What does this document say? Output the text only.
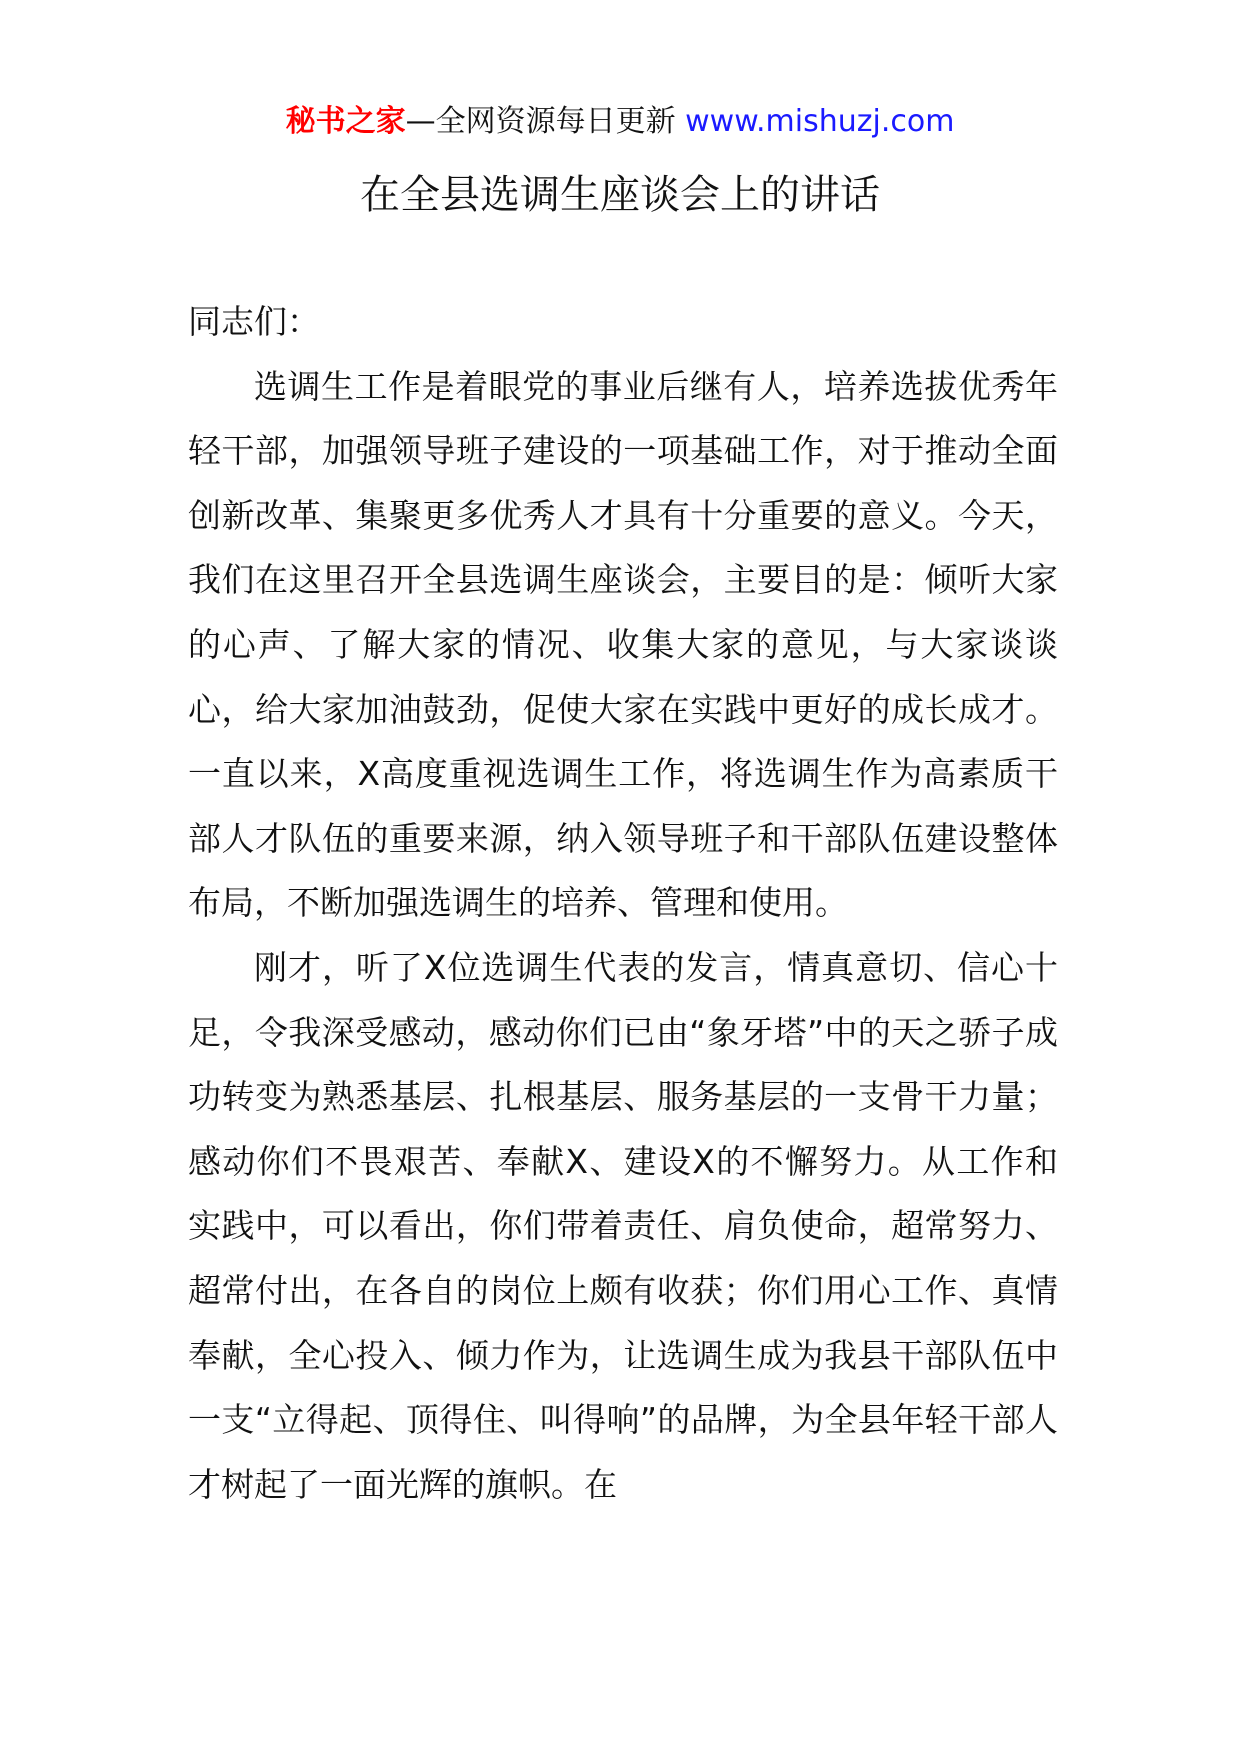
秘书之家—全网资源每日更新 www.mishuzj.com
在全县选调生座谈会上的讲话

同志们：

选调生工作是着眼党的事业后继有人，培养选拔优秀年轻干部，加强领导班子建设的一项基础工作，对于推动全面创新改革、集聚更多优秀人才具有十分重要的意义。今天，我们在这里召开全县选调生座谈会，主要目的是：倾听大家的心声、了解大家的情况、收集大家的意见，与大家谈谈心，给大家加油鼓劲，促使大家在实践中更好的成长成才。一直以来，X高度重视选调生工作，将选调生作为高素质干部人才队伍的重要来源，纳入领导班子和干部队伍建设整体布局，不断加强选调生的培养、管理和使用。

刚才，听了X位选调生代表的发言，情真意切、信心十足，令我深受感动，感动你们已由“象牙塔”中的天之骄子成功转变为熟悉基层、扎根基层、服务基层的一支骨干力量；感动你们不畏艰苦、奉献X、建设X的不懈努力。从工作和实践中，可以看出，你们带着责任、肩负使命，超常努力、超常付出，在各自的岗位上颇有收获；你们用心工作、真情奉献，全心投入、倾力作为，让选调生成为我县干部队伍中一支“立得起、顶得住、叫得响”的品牌，为全县年轻干部人才树起了一面光辉的旗帜。在
